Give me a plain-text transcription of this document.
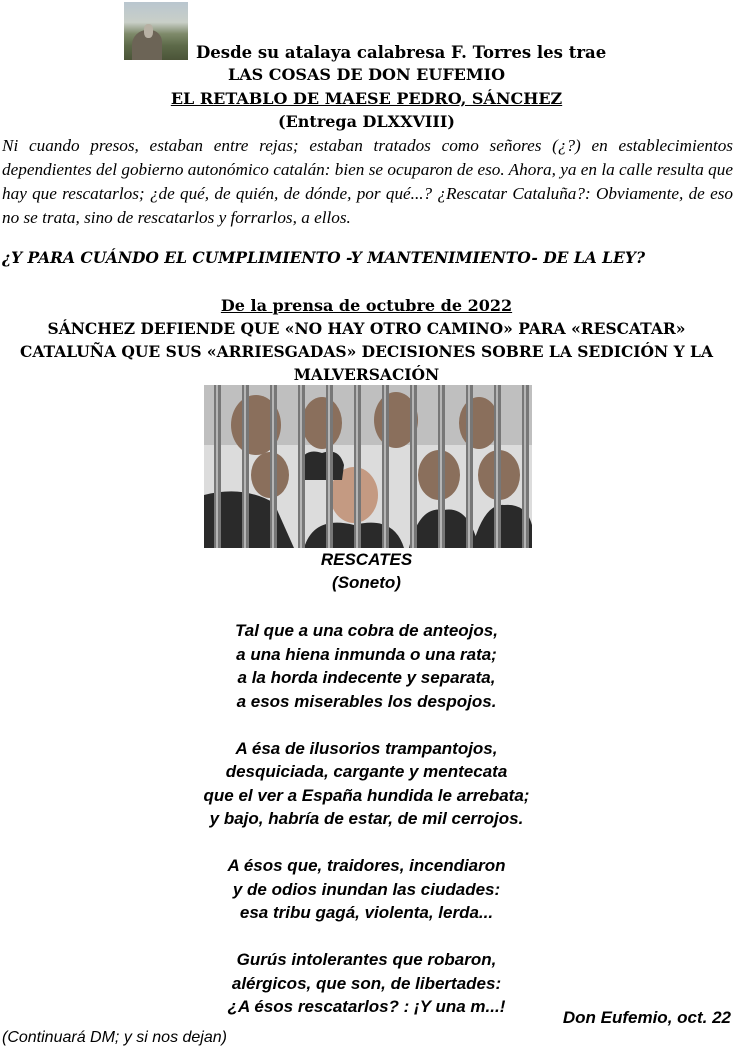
Desde su atalaya calabresa F. Torres les trae
LAS COSAS DE DON EUFEMIO
EL RETABLO DE MAESE PEDRO, SÁNCHEZ
(Entrega DLXXVIII)

Ni cuando presos, estaban entre rejas; estaban tratados como señores (¿?) en establecimientos dependientes del gobierno autonómico catalán: bien se ocuparon de eso. Ahora, ya en la calle resulta que hay que rescatarlos; ¿de qué, de quién, de dónde, por qué...? ¿Rescatar Cataluña?: Obviamente, de eso no se trata, sino de rescatarlos y forrarlos, a ellos.

¿Y PARA CUÁNDO EL CUMPLIMIENTO -Y MANTENIMIENTO- DE LA LEY?
De la prensa de octubre de 2022

SÁNCHEZ DEFIENDE QUE «NO HAY OTRO CAMINO» PARA «RESCATAR» CATALUÑA QUE SUS «ARRIESGADAS» DECISIONES SOBRE LA SEDICIÓN Y LA MALVERSACIÓN

RESCATES
(Soneto)
Tal que a una cobra de anteojos,
a una hiena inmunda o una rata;
a la horda indecente y separata,
a esos miserables los despojos.
A ésa de ilusorios trampantojos,
desquiciada, cargante y mentecata
que el ver a España hundida le arrebata;
y bajo, habría de estar, de mil cerrojos.
A ésos que, traidores, incendiaron
y de odios inundan las ciudades:
esa tribu gagá, violenta, lerda...
Gurús intolerantes que robaron,
alérgicos, que son, de libertades:
¿A ésos rescatarlos? : ¡Y una m...!
Don Eufemio, oct. 22
(Continuará DM; y si nos dejan)
